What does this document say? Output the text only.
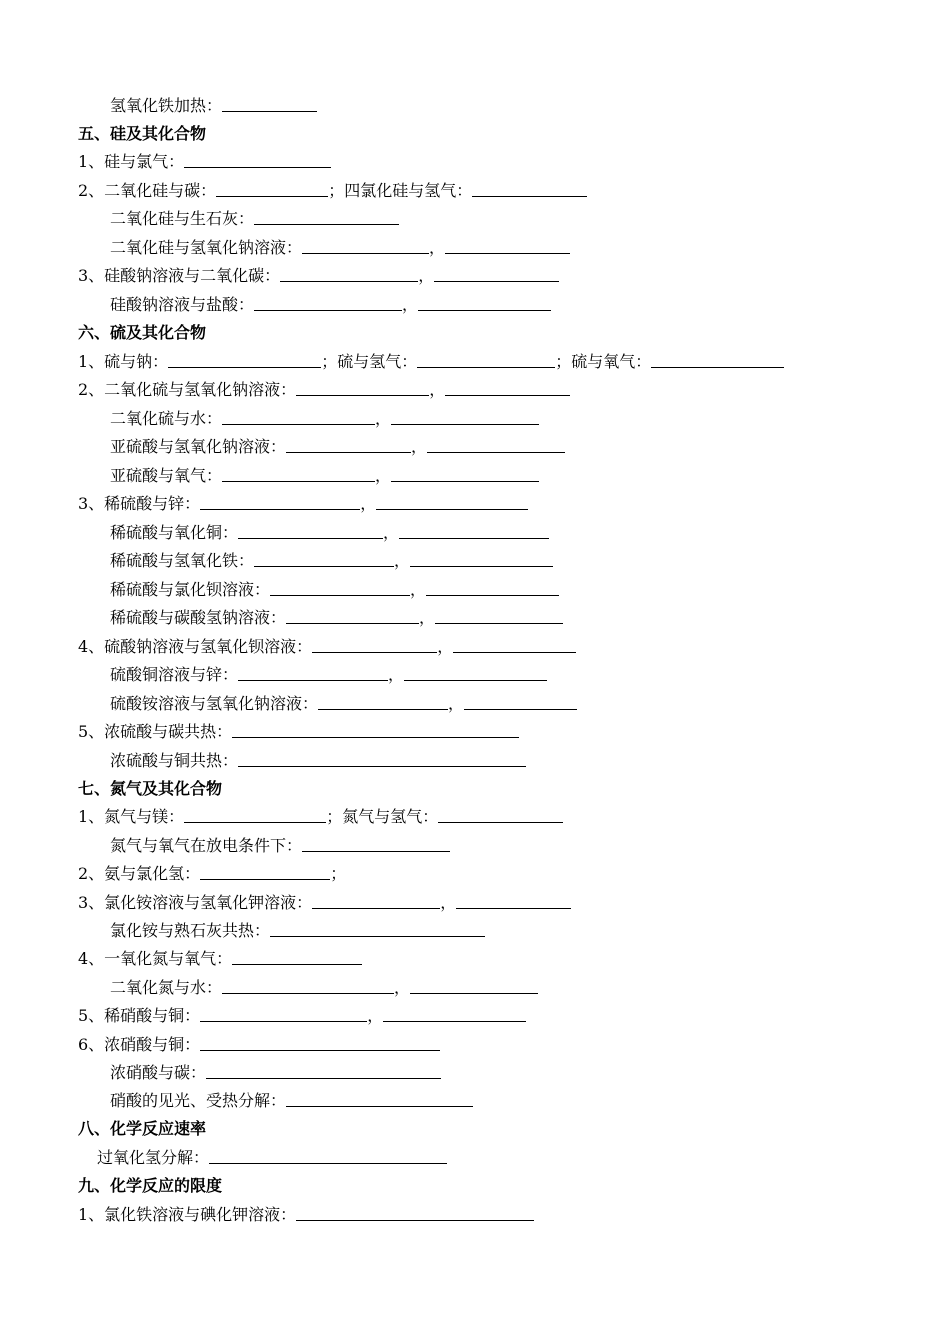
氢氧化铁加热：
五、硅及其化合物
1、硅与氯气：
2、二氧化硅与碳：	；四氯化硅与氢气：
二氧化硅与生石灰：
二氧化硅与氢氧化钠溶液：	，
3、硅酸钠溶液与二氧化碳：	，
硅酸钠溶液与盐酸：	，
六、硫及其化合物
1、硫与钠：	；硫与氢气：	；硫与氧气：
2、二氧化硫与氢氧化钠溶液：	，
二氧化硫与水：	，
亚硫酸与氢氧化钠溶液：	，
亚硫酸与氧气：	，
3、稀硫酸与锌：	，
稀硫酸与氧化铜：	，
稀硫酸与氢氧化铁：	，
稀硫酸与氯化钡溶液：	，
稀硫酸与碳酸氢钠溶液：	，
4、硫酸钠溶液与氢氧化钡溶液：	，
硫酸铜溶液与锌：	，
硫酸铵溶液与氢氧化钠溶液：	，
5、浓硫酸与碳共热：
浓硫酸与铜共热：
七、氮气及其化合物
1、氮气与镁：	；氮气与氢气：
氮气与氧气在放电条件下：
2、氨与氯化氢：	；
3、氯化铵溶液与氢氧化钾溶液：	，
氯化铵与熟石灰共热：
4、一氧化氮与氧气：
二氧化氮与水：	，
5、稀硝酸与铜：	，
6、浓硝酸与铜：
浓硝酸与碳：
硝酸的见光、受热分解：
八、化学反应速率
过氧化氢分解：
九、化学反应的限度
1、氯化铁溶液与碘化钾溶液：
